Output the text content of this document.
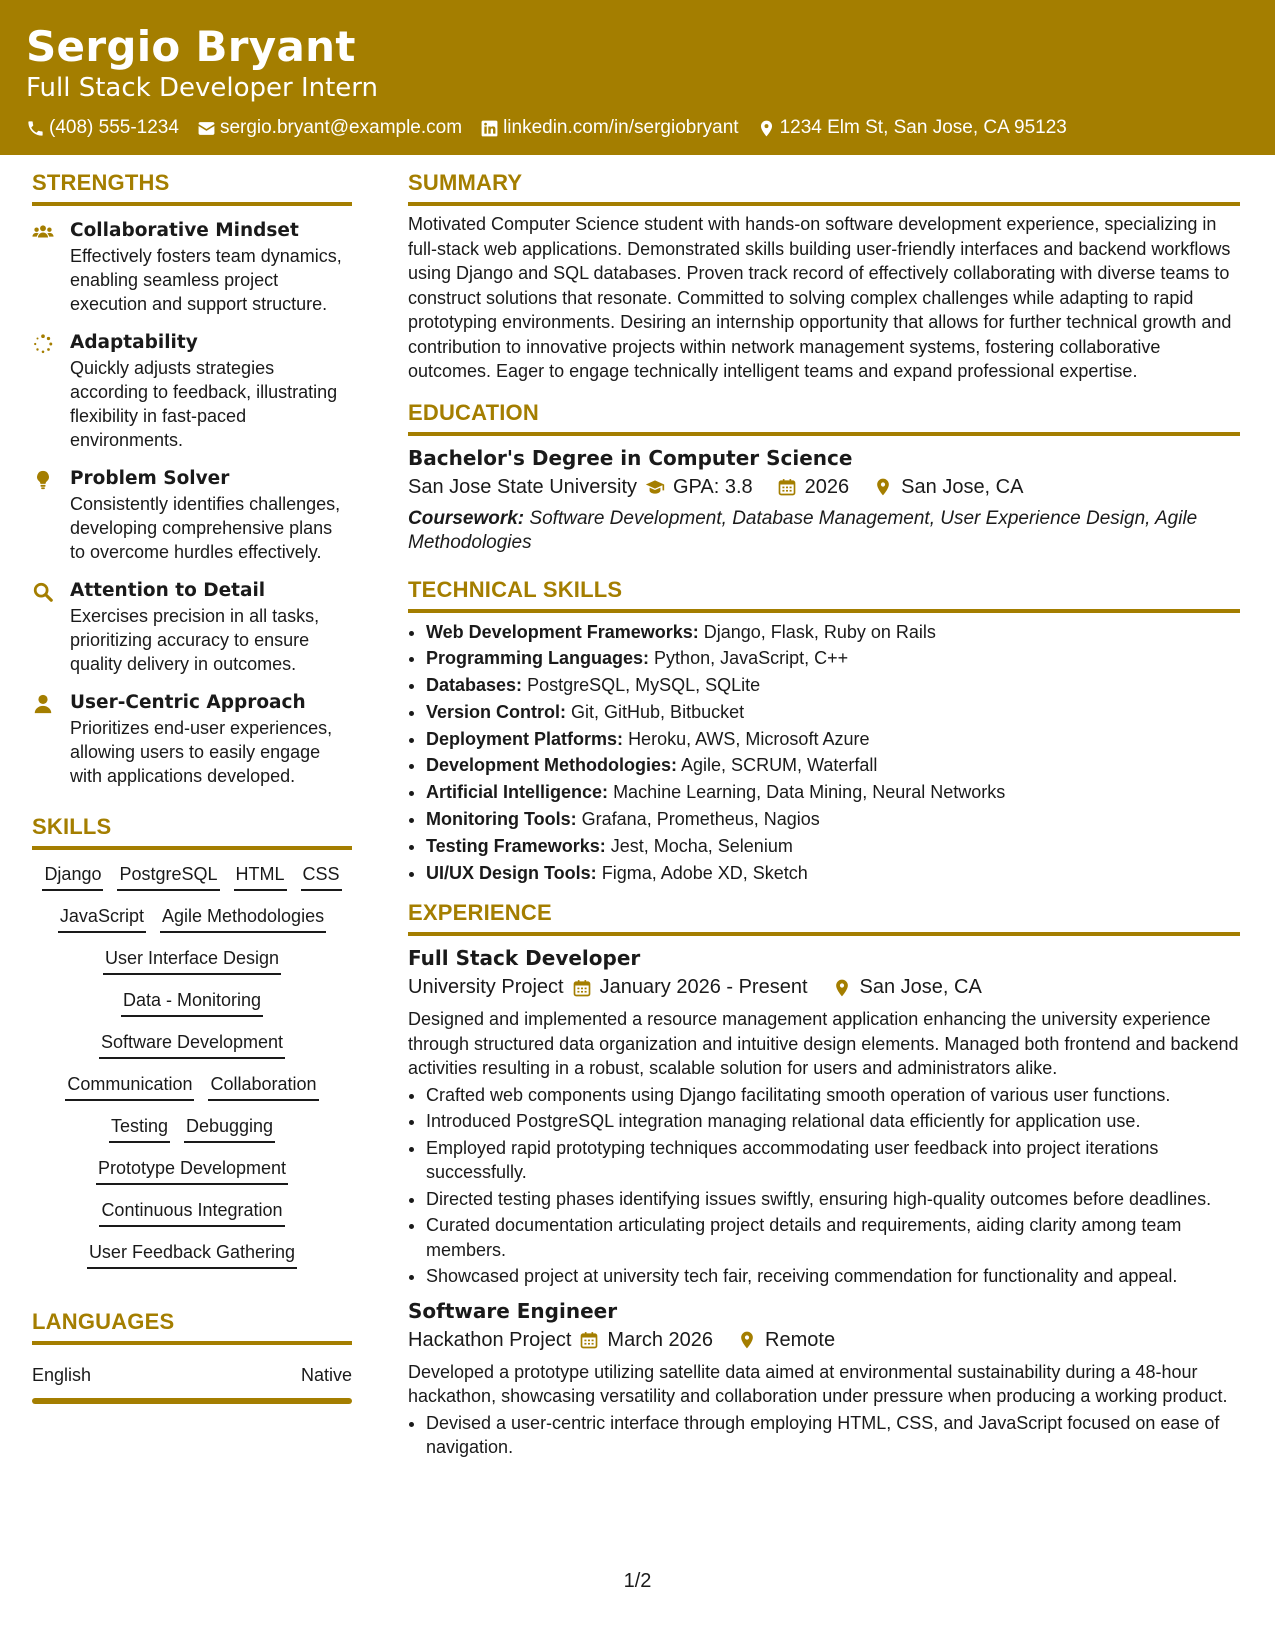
Sergio Bryant
Full Stack Developer Intern
(408) 555-1234 sergio.bryant@example.com linkedin.com/in/sergiobryant 1234 Elm St, San Jose, CA 95123
STRENGTHS
Collaborative Mindset
Effectively fosters team dynamics, enabling seamless project execution and support structure.
Adaptability
Quickly adjusts strategies according to feedback, illustrating flexibility in fast-paced environments.
Problem Solver
Consistently identifies challenges, developing comprehensive plans to overcome hurdles effectively.
Attention to Detail
Exercises precision in all tasks, prioritizing accuracy to ensure quality delivery in outcomes.
User-Centric Approach
Prioritizes end-user experiences, allowing users to easily engage with applications developed.
SKILLS
Django PostgreSQL HTML CSS
JavaScript Agile Methodologies
User Interface Design
Data - Monitoring
Software Development
Communication Collaboration
Testing Debugging
Prototype Development
Continuous Integration
User Feedback Gathering
LANGUAGES
English	Native
SUMMARY
Motivated Computer Science student with hands-on software development experience, specializing in full-stack web applications. Demonstrated skills building user-friendly interfaces and backend workflows using Django and SQL databases. Proven track record of effectively collaborating with diverse teams to construct solutions that resonate. Committed to solving complex challenges while adapting to rapid prototyping environments. Desiring an internship opportunity that allows for further technical growth and contribution to innovative projects within network management systems, fostering collaborative outcomes. Eager to engage technically intelligent teams and expand professional expertise.
EDUCATION
Bachelor's Degree in Computer Science
San Jose State University GPA: 3.8	2026	San Jose, CA
Coursework: Software Development, Database Management, User Experience Design, Agile Methodologies
TECHNICAL SKILLS
• Web Development Frameworks: Django, Flask, Ruby on Rails
• Programming Languages: Python, JavaScript, C++
• Databases: PostgreSQL, MySQL, SQLite
• Version Control: Git, GitHub, Bitbucket
• Deployment Platforms: Heroku, AWS, Microsoft Azure
• Development Methodologies: Agile, SCRUM, Waterfall
• Artificial Intelligence: Machine Learning, Data Mining, Neural Networks
• Monitoring Tools: Grafana, Prometheus, Nagios
• Testing Frameworks: Jest, Mocha, Selenium
• UI/UX Design Tools: Figma, Adobe XD, Sketch
EXPERIENCE
Full Stack Developer
University Project January 2026 - Present	San Jose, CA
Designed and implemented a resource management application enhancing the university experience through structured data organization and intuitive design elements. Managed both frontend and backend activities resulting in a robust, scalable solution for users and administrators alike.
• Crafted web components using Django facilitating smooth operation of various user functions.
• Introduced PostgreSQL integration managing relational data efficiently for application use.
• Employed rapid prototyping techniques accommodating user feedback into project iterations successfully.
• Directed testing phases identifying issues swiftly, ensuring high-quality outcomes before deadlines.
• Curated documentation articulating project details and requirements, aiding clarity among team members.
• Showcased project at university tech fair, receiving commendation for functionality and appeal.
Software Engineer
Hackathon Project March 2026	Remote
Developed a prototype utilizing satellite data aimed at environmental sustainability during a 48-hour hackathon, showcasing versatility and collaboration under pressure when producing a working product.
• Devised a user-centric interface through employing HTML, CSS, and JavaScript focused on ease of navigation.
1/2
